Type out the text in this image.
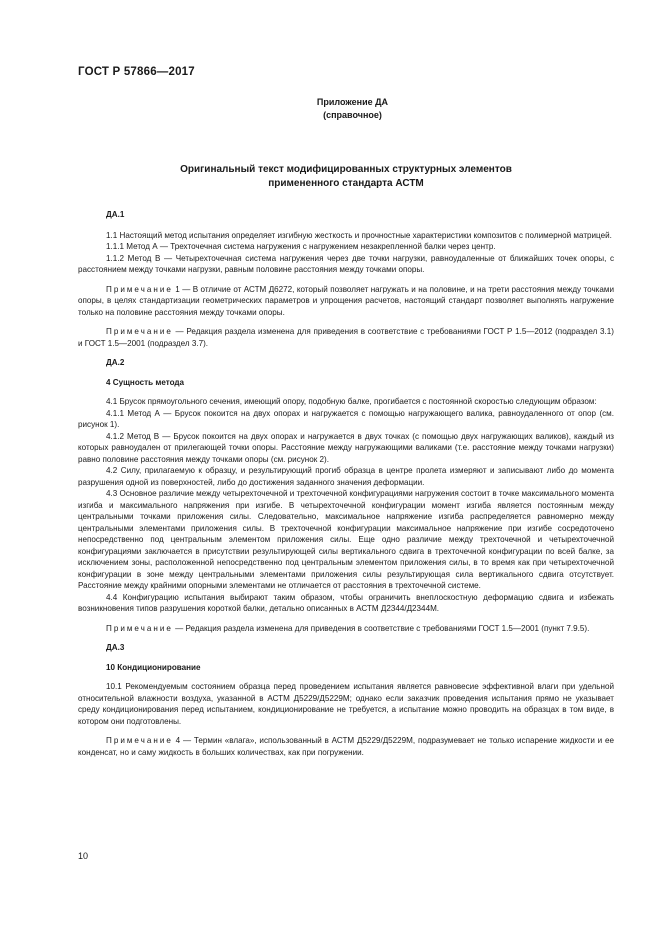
ГОСТ Р 57866—2017
Приложение ДА
(справочное)
Оригинальный текст модифицированных структурных элементов
примененного стандарта АСТМ

ДА.1

1.1 Настоящий метод испытания определяет изгибную жесткость и прочностные характеристики композитов с полимерной матрицей.

1.1.1 Метод А — Трехточечная система нагружения с нагружением незакрепленной балки через центр.

1.1.2 Метод В — Четырехточечная система нагружения через две точки нагрузки, равноудаленные от ближайших точек опоры, с расстоянием между точками нагрузки, равным половине расстояния между точками опоры.

Примечание 1 — В отличие от АСТМ Д6272, который позволяет нагружать и на половине, и на трети расстояния между точками опоры, в целях стандартизации геометрических параметров и упрощения расчетов, настоящий стандарт позволяет выполнять нагружение только на половине расстояния между точками опоры.

Примечание — Редакция раздела изменена для приведения в соответствие с требованиями ГОСТ Р 1.5—2012 (подраздел 3.1) и ГОСТ 1.5—2001 (подраздел 3.7).

ДА.2

4 Сущность метода

4.1 Брусок прямоугольного сечения, имеющий опору, подобную балке, прогибается с постоянной скоростью следующим образом:

4.1.1 Метод А — Брусок покоится на двух опорах и нагружается с помощью нагружающего валика, равноудаленного от опор (см. рисунок 1).

4.1.2 Метод В — Брусок покоится на двух опорах и нагружается в двух точках (с помощью двух нагружающих валиков), каждый из которых равноудален от прилегающей точки опоры. Расстояние между нагружающими валиками (т.е. расстояние между точками нагрузки) равно половине расстояния между точками опоры (см. рисунок 2).

4.2 Силу, прилагаемую к образцу, и результирующий прогиб образца в центре пролета измеряют и записывают либо до момента разрушения одной из поверхностей, либо до достижения заданного значения деформации.

4.3 Основное различие между четырехточечной и трехточечной конфигурациями нагружения состоит в точке максимального момента изгиба и максимального напряжения при изгибе. В четырехточечной конфигурации момент изгиба является постоянным между центральными точками приложения силы. Следовательно, максимальное напряжение изгиба распределяется равномерно между центральными элементами приложения силы. В трехточечной конфигурации максимальное напряжение при изгибе сосредоточено непосредственно под центральным элементом приложения силы. Еще одно различие между трехточечной и четырехточечной конфигурациями заключается в присутствии результирующей силы вертикального сдвига в трехточечной конфигурации по всей балке, за исключением зоны, расположенной непосредственно под центральным элементом приложения силы, в то время как при четырехточечной конфигурации в зоне между центральными элементами приложения силы результирующая сила вертикального сдвига отсутствует. Расстояние между крайними опорными элементами не отличается от расстояния в трехточечной системе.

4.4 Конфигурацию испытания выбирают таким образом, чтобы ограничить внеплоскостную деформацию сдвига и избежать возникновения типов разрушения короткой балки, детально описанных в АСТМ Д2344/Д2344М.

Примечание — Редакция раздела изменена для приведения в соответствие с требованиями ГОСТ 1.5—2001 (пункт 7.9.5).

ДА.3

10 Кондиционирование

10.1 Рекомендуемым состоянием образца перед проведением испытания является равновесие эффективной влаги при удельной относительной влажности воздуха, указанной в АСТМ Д5229/Д5229М; однако если заказчик проведения испытания прямо не указывает среду кондиционирования перед испытанием, кондиционирование не требуется, а испытание можно проводить на образцах в том виде, в котором они подготовлены.

Примечание 4 — Термин «влага», использованный в АСТМ Д5229/Д5229М, подразумевает не только испарение жидкости и ее конденсат, но и саму жидкость в больших количествах, как при погружении.

10
